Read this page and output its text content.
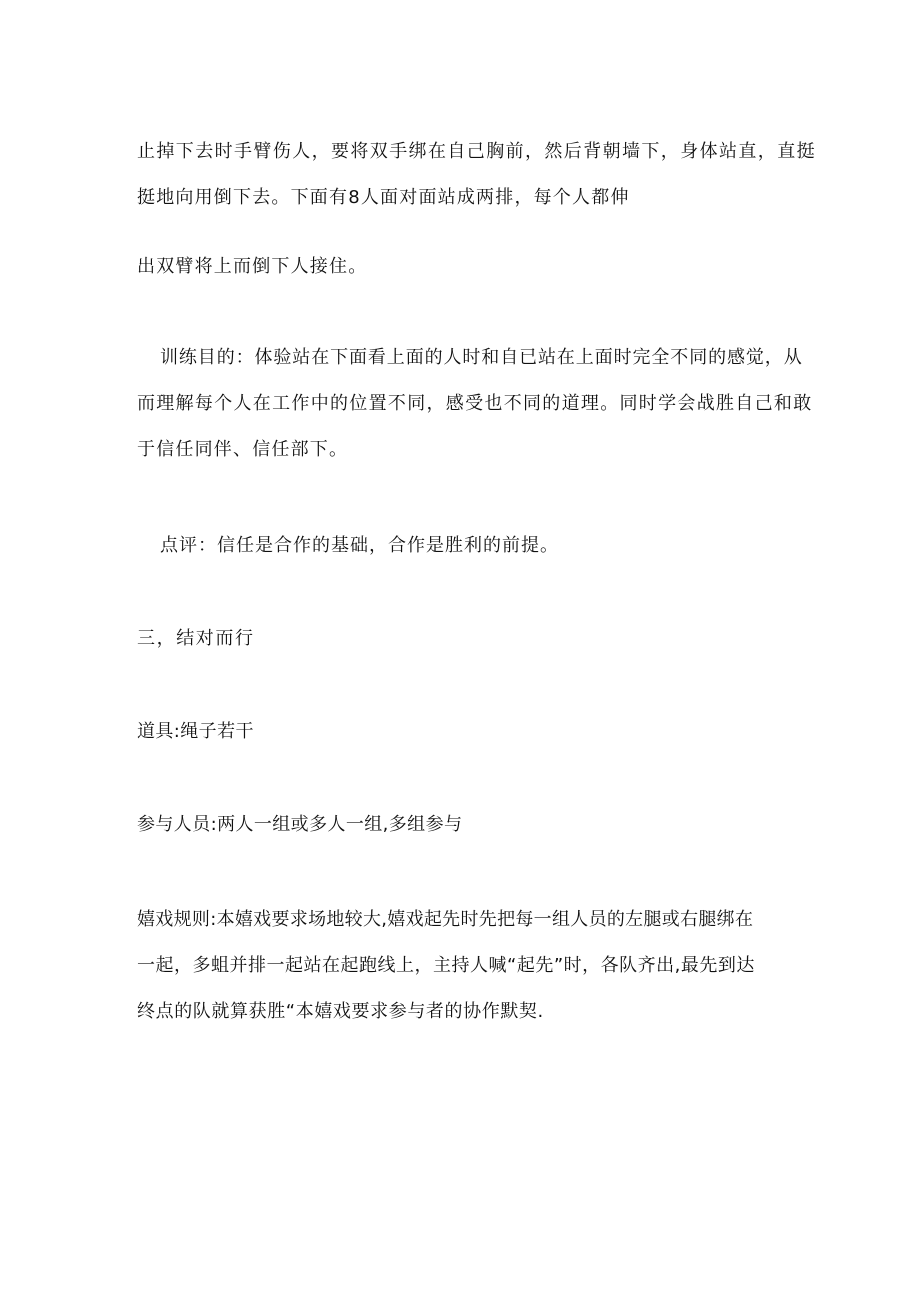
止掉下去时手臂伤人，要将双手绑在自己胸前，然后背朝墙下，身体站直，直挺
挺地向用倒下去。下面有8人面对面站成两排，每个人都伸
出双臂将上而倒下人接住。
训练目的：体验站在下面看上面的人时和自已站在上面时完全不同的感觉，从
而理解每个人在工作中的位置不同，感受也不同的道理。同时学会战胜自己和敢
于信任同伴、信任部下。
点评：信任是合作的基础，合作是胜利的前提。
三，结对而行
道具:绳子若干
参与人员:两人一组或多人一组,多组参与
嬉戏规则:本嬉戏要求场地较大,嬉戏起先时先把每一组人员的左腿或右腿绑在
一起，多蛆并排一起站在起跑线上，主持人喊“起先”时，各队齐出,最先到达
终点的队就算获胜“本嬉戏要求参与者的协作默契.
